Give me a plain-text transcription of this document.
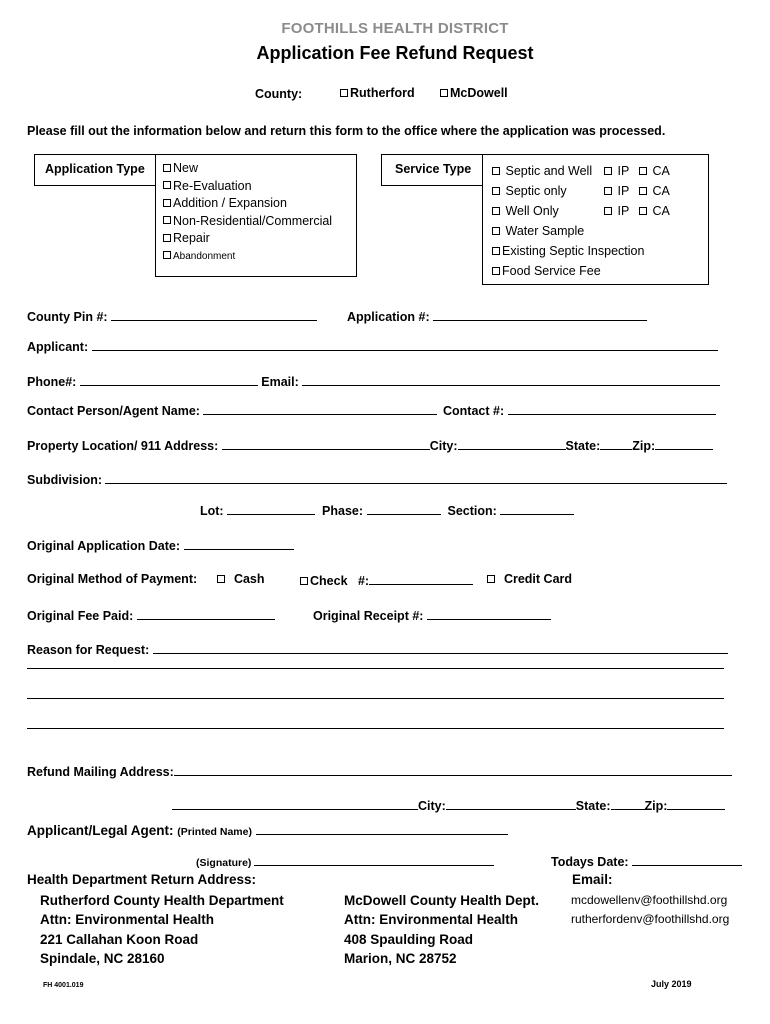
FOOTHILLS HEALTH DISTRICT
Application Fee Refund Request
County:	Rutherford	McDowell
Please fill out the information below and return this form to the office where the application was processed.
Application Type	New
Re-Evaluation
Addition / Expansion
Non-Residential/Commercial
Repair
Abandonment
Service Type	Septic and Well	IP	CA
Septic only	IP	CA
Well Only	IP	CA
Water Sample
Existing Septic Inspection
Food Service Fee
County Pin #:	Application #:
Applicant:
Phone#:	Email:
Contact Person/Agent Name:	Contact #:
Property Location/ 911 Address:	City:	State:	Zip:
Subdivision:
Lot:	Phase:	Section:
Original Application Date:
Original Method of Payment:	Cash	Check #:	Credit Card
Original Fee Paid:	Original Receipt #:
Reason for Request:
Refund Mailing Address:
City:	State:	Zip:
Applicant/Legal Agent: (Printed Name)
(Signature)	Todays Date:
Health Department Return Address:
Rutherford County Health Department
Attn: Environmental Health
221 Callahan Koon Road
Spindale, NC 28160
McDowell County Health Dept.
Attn: Environmental Health
408 Spaulding Road
Marion, NC 28752
Email:
mcdowellenv@foothillshd.org
rutherfordenv@foothillshd.org
FH 4001.019	July 2019
